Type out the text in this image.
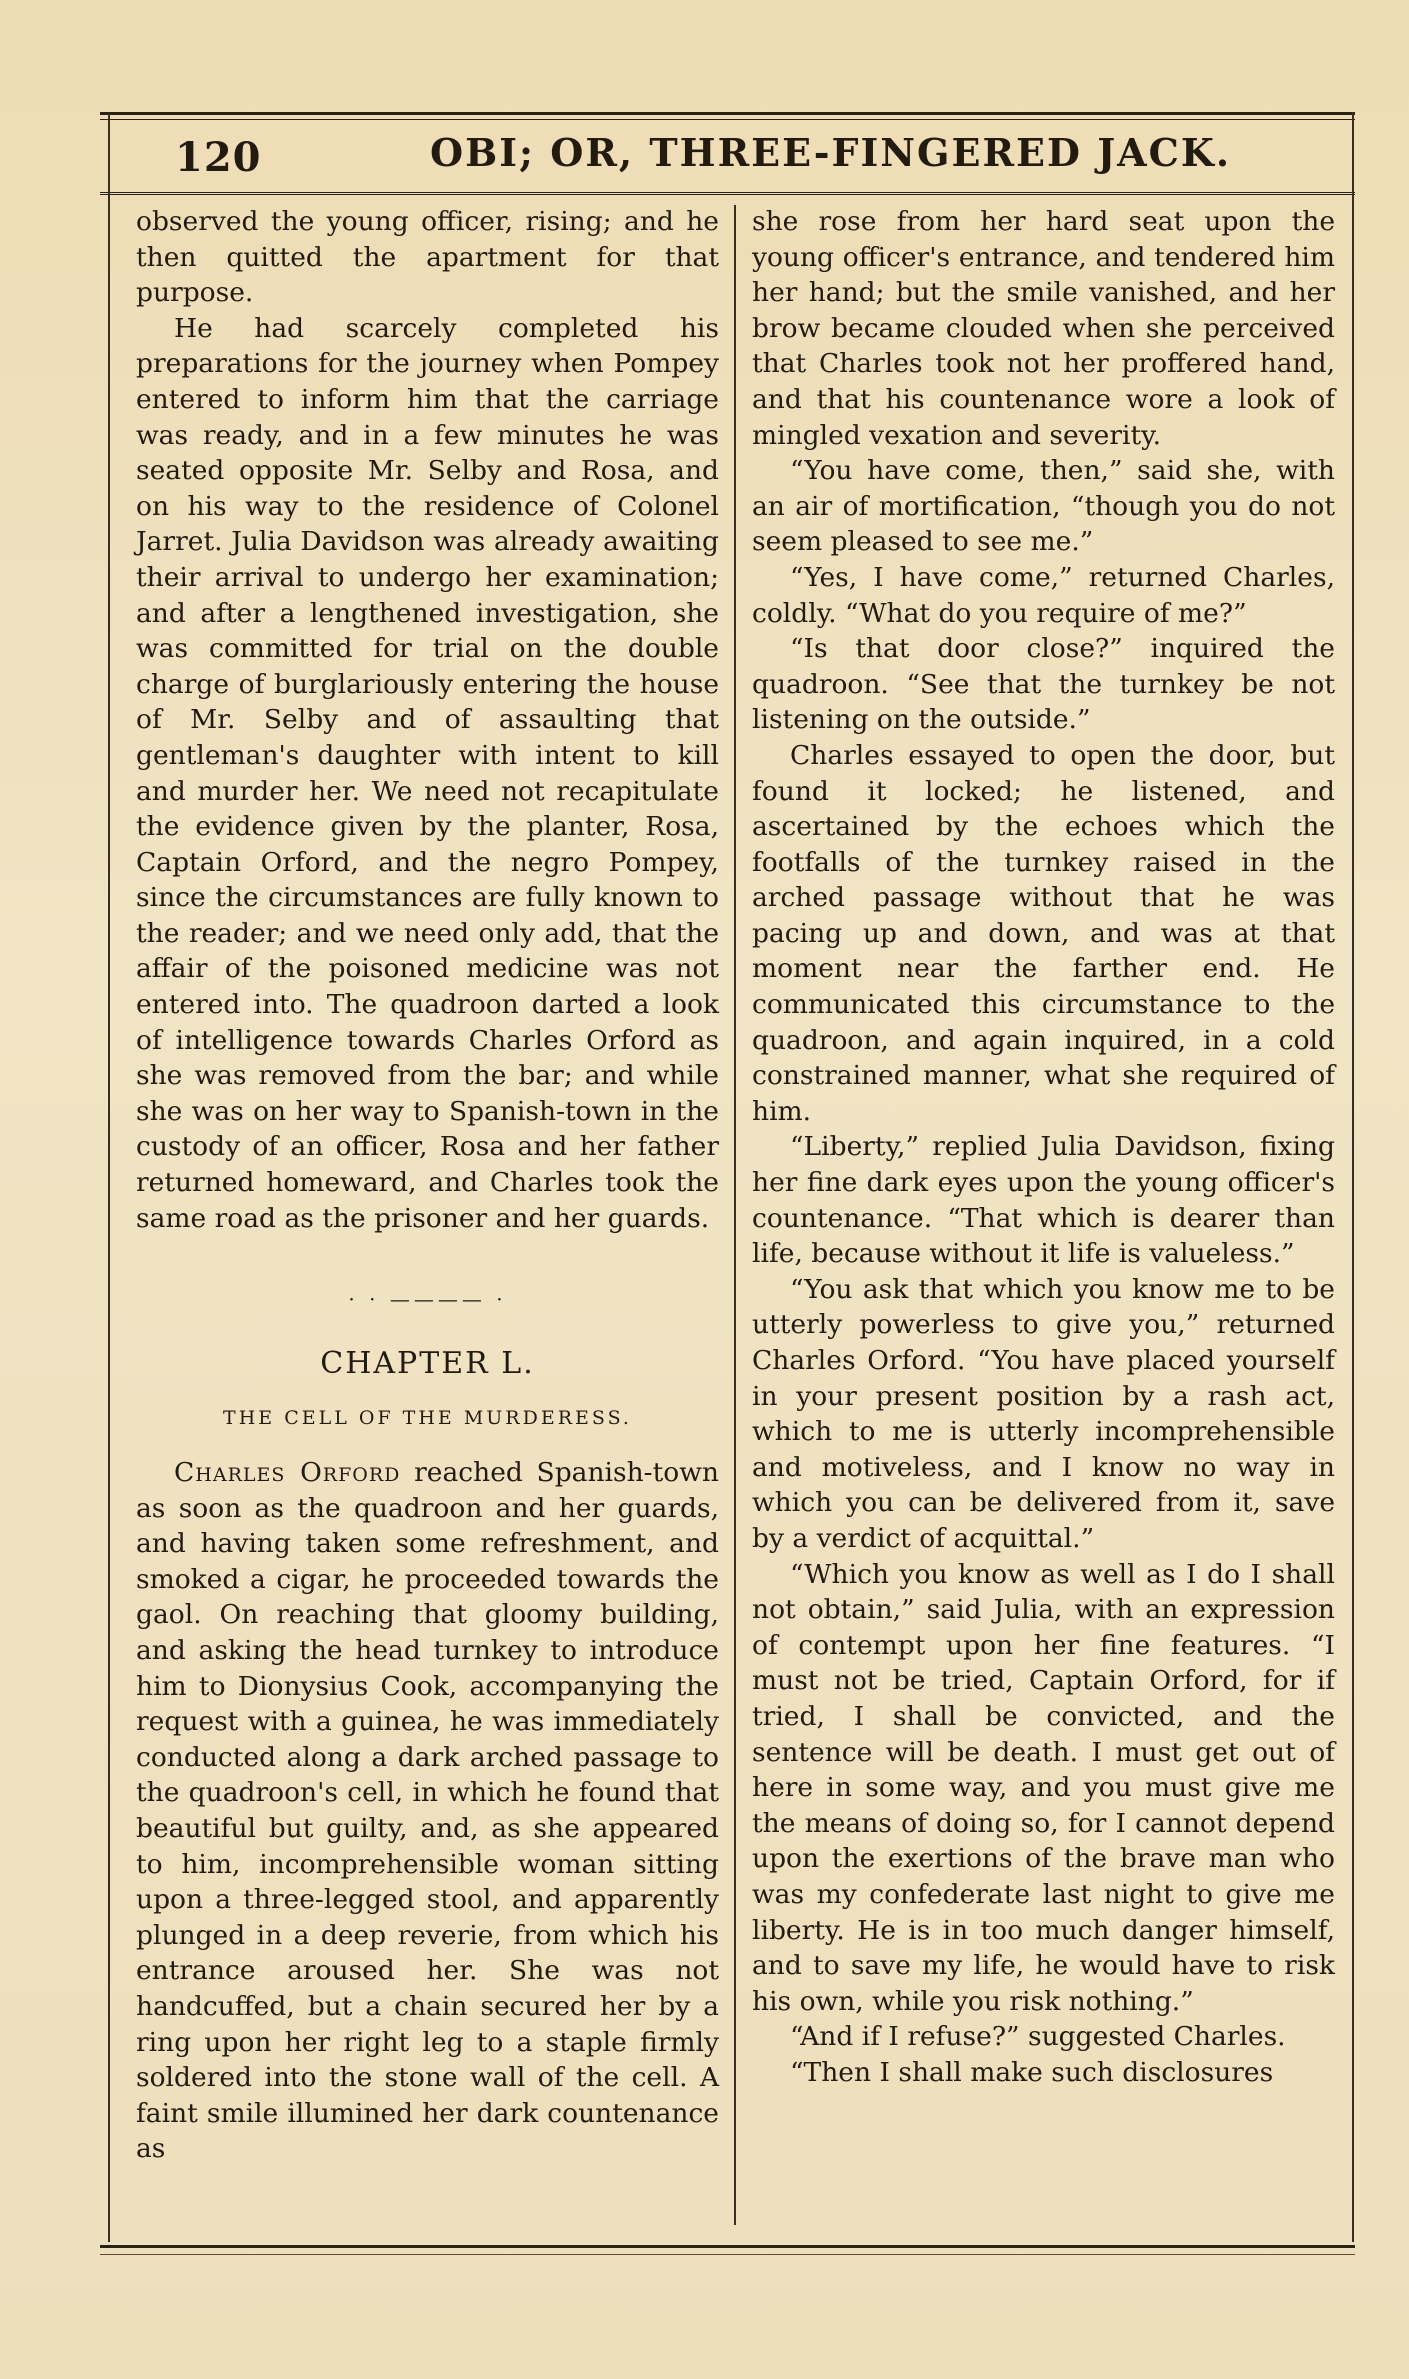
120	OBI; OR, THREE-FINGERED JACK.

observed the young officer, rising; and he then quitted the apartment for that purpose.

He had scarcely completed his preparations for the journey when Pompey entered to inform him that the carriage was ready, and in a few minutes he was seated opposite Mr. Selby and Rosa, and on his way to the residence of Colonel Jarret. Julia Davidson was already awaiting their arrival to undergo her examination; and after a lengthened investigation, she was committed for trial on the double charge of burglariously entering the house of Mr. Selby and of assaulting that gentleman's daughter with intent to kill and murder her. We need not recapitulate the evidence given by the planter, Rosa, Captain Orford, and the negro Pompey, since the circumstances are fully known to the reader; and we need only add, that the affair of the poisoned medicine was not entered into. The quadroon darted a look of intelligence towards Charles Orford as she was removed from the bar; and while she was on her way to Spanish-town in the custody of an officer, Rosa and her father returned homeward, and Charles took the same road as the prisoner and her guards.

· · ———— ·
CHAPTER L.
THE CELL OF THE MURDERESS.

Charles Orford reached Spanish-town as soon as the quadroon and her guards, and having taken some refreshment, and smoked a cigar, he proceeded towards the gaol. On reaching that gloomy building, and asking the head turnkey to introduce him to Dionysius Cook, accompanying the request with a guinea, he was immediately conducted along a dark arched passage to the quadroon's cell, in which he found that beautiful but guilty, and, as she appeared to him, incomprehensible woman sitting upon a three-legged stool, and apparently plunged in a deep reverie, from which his entrance aroused her. She was not handcuffed, but a chain secured her by a ring upon her right leg to a staple firmly soldered into the stone wall of the cell. A faint smile illumined her dark countenance as

she rose from her hard seat upon the young officer's entrance, and tendered him her hand; but the smile vanished, and her brow became clouded when she perceived that Charles took not her proffered hand, and that his countenance wore a look of mingled vexation and severity.

“You have come, then,” said she, with an air of mortification, “though you do not seem pleased to see me.”

“Yes, I have come,” returned Charles, coldly. “What do you require of me?”

“Is that door close?” inquired the quadroon. “See that the turnkey be not listening on the outside.”

Charles essayed to open the door, but found it locked; he listened, and ascertained by the echoes which the footfalls of the turnkey raised in the arched passage without that he was pacing up and down, and was at that moment near the farther end. He communicated this circumstance to the quadroon, and again inquired, in a cold constrained manner, what she required of him.

“Liberty,” replied Julia Davidson, fixing her fine dark eyes upon the young officer's countenance. “That which is dearer than life, because without it life is valueless.”

“You ask that which you know me to be utterly powerless to give you,” returned Charles Orford. “You have placed yourself in your present position by a rash act, which to me is utterly incomprehensible and motiveless, and I know no way in which you can be delivered from it, save by a verdict of acquittal.”

“Which you know as well as I do I shall not obtain,” said Julia, with an expression of contempt upon her fine features. “I must not be tried, Captain Orford, for if tried, I shall be convicted, and the sentence will be death. I must get out of here in some way, and you must give me the means of doing so, for I cannot depend upon the exertions of the brave man who was my confederate last night to give me liberty. He is in too much danger himself, and to save my life, he would have to risk his own, while you risk nothing.”

“And if I refuse?” suggested Charles.

“Then I shall make such disclosures
